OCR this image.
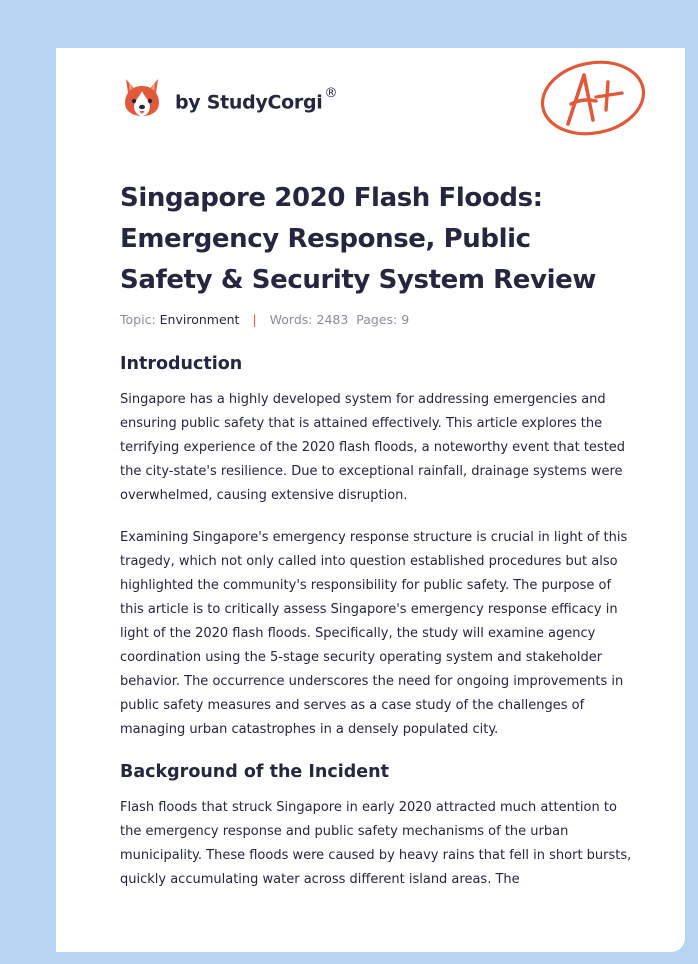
by StudyCorgi ®
Singapore 2020 Flash Floods: Emergency Response, Public Safety & Security System Review
Topic: Environment | Words: 2483 Pages: 9
Introduction

Singapore has a highly developed system for addressing emergencies and ensuring public safety that is attained effectively. This article explores the terrifying experience of the 2020 flash floods, a noteworthy event that tested the city-state's resilience. Due to exceptional rainfall, drainage systems were overwhelmed, causing extensive disruption.

Examining Singapore's emergency response structure is crucial in light of this tragedy, which not only called into question established procedures but also highlighted the community's responsibility for public safety. The purpose of this article is to critically assess Singapore's emergency response efficacy in light of the 2020 flash floods. Specifically, the study will examine agency coordination using the 5-stage security operating system and stakeholder behavior. The occurrence underscores the need for ongoing improvements in public safety measures and serves as a case study of the challenges of managing urban catastrophes in a densely populated city.

Background of the Incident

Flash floods that struck Singapore in early 2020 attracted much attention to the emergency response and public safety mechanisms of the urban municipality. These floods were caused by heavy rains that fell in short bursts, quickly accumulating water across different island areas. The
